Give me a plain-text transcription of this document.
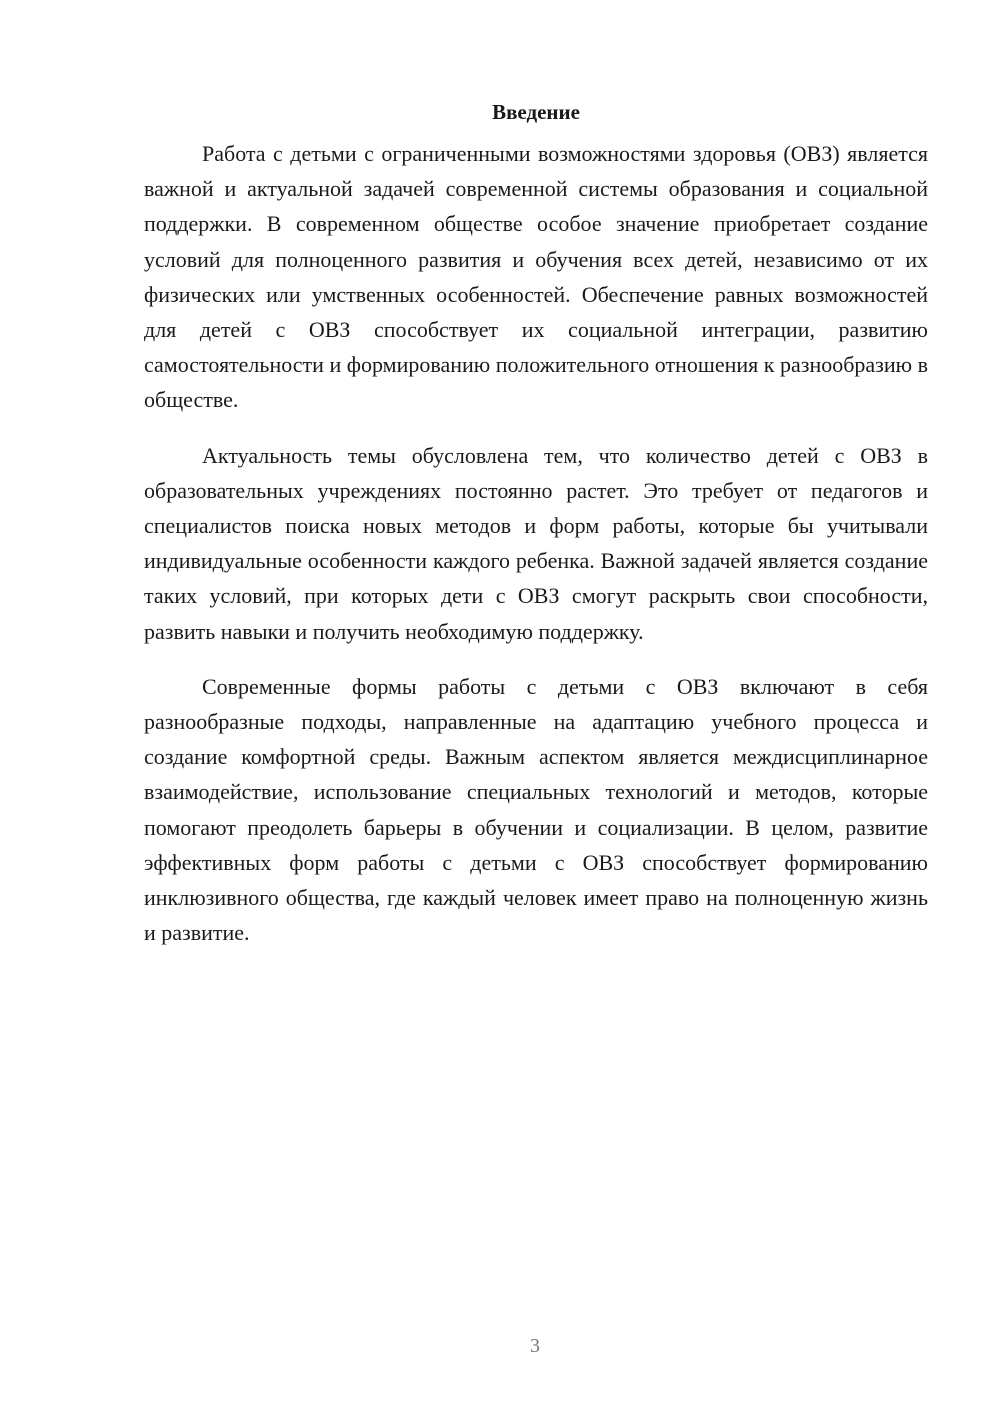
Введение

Работа с детьми с ограниченными возможностями здоровья (ОВЗ) является важной и актуальной задачей современной системы образования и социальной поддержки. В современном обществе особое значение приобретает создание условий для полноценного развития и обучения всех детей, независимо от их физических или умственных особенностей. Обеспечение равных возможностей для детей с ОВЗ способствует их социальной интеграции, развитию самостоятельности и формированию положительного отношения к разнообразию в обществе.

Актуальность темы обусловлена тем, что количество детей с ОВЗ в образовательных учреждениях постоянно растет. Это требует от педагогов и специалистов поиска новых методов и форм работы, которые бы учитывали индивидуальные особенности каждого ребенка. Важной задачей является создание таких условий, при которых дети с ОВЗ смогут раскрыть свои способности, развить навыки и получить необходимую поддержку.

Современные формы работы с детьми с ОВЗ включают в себя разнообразные подходы, направленные на адаптацию учебного процесса и создание комфортной среды. Важным аспектом является междисциплинарное взаимодействие, использование специальных технологий и методов, которые помогают преодолеть барьеры в обучении и социализации. В целом, развитие эффективных форм работы с детьми с ОВЗ способствует формированию инклюзивного общества, где каждый человек имеет право на полноценную жизнь и развитие.

3
